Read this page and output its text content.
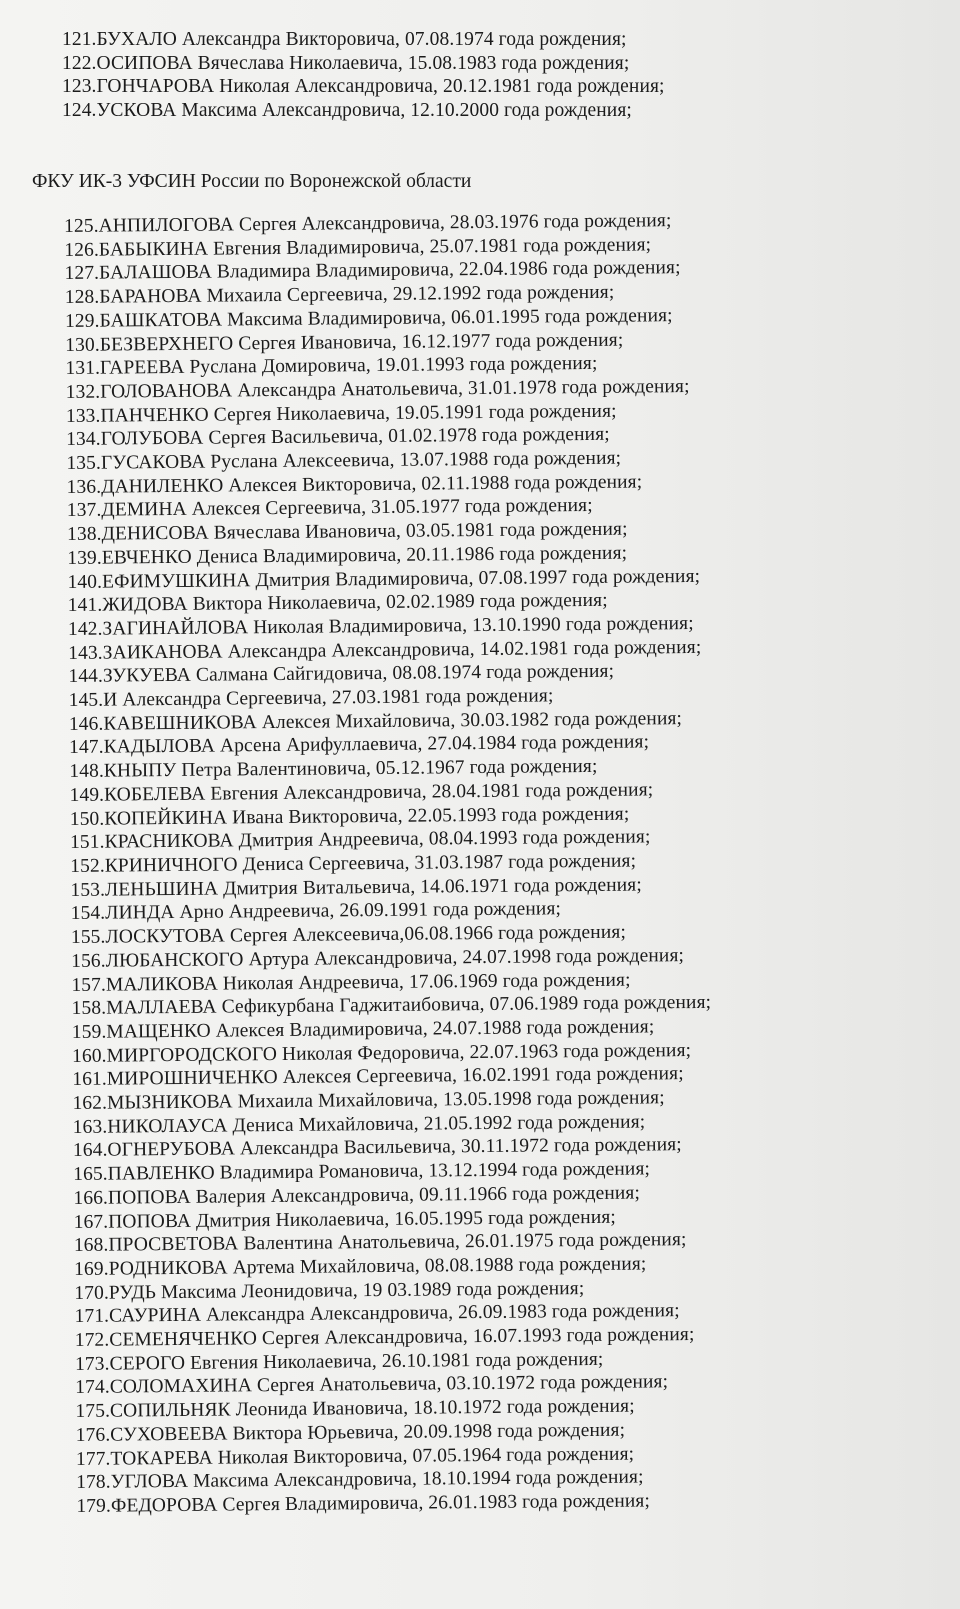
121.БУХАЛО Александра Викторовича, 07.08.1974 года рождения;
122.ОСИПОВА Вячеслава Николаевича, 15.08.1983 года рождения;
123.ГОНЧАРОВА Николая Александровича, 20.12.1981 года рождения;
124.УСКОВА Максима Александровича, 12.10.2000 года рождения;
ФКУ ИК-3 УФСИН России по Воронежской области
125.АНПИЛОГОВА Сергея Александровича, 28.03.1976 года рождения;
126.БАБЫКИНА Евгения Владимировича, 25.07.1981 года рождения;
127.БАЛАШОВА Владимира Владимировича, 22.04.1986 года рождения;
128.БАРАНОВА Михаила Сергеевича, 29.12.1992 года рождения;
129.БАШКАТОВА Максима Владимировича, 06.01.1995 года рождения;
130.БЕЗВЕРХНЕГО Сергея Ивановича, 16.12.1977 года рождения;
131.ГАРЕЕВА Руслана Домировича, 19.01.1993 года рождения;
132.ГОЛОВАНОВА Александра Анатольевича, 31.01.1978 года рождения;
133.ПАНЧЕНКО Сергея Николаевича, 19.05.1991 года рождения;
134.ГОЛУБОВА Сергея Васильевича, 01.02.1978 года рождения;
135.ГУСАКОВА Руслана Алексеевича, 13.07.1988 года рождения;
136.ДАНИЛЕНКО Алексея Викторовича, 02.11.1988 года рождения;
137.ДЕМИНА Алексея Сергеевича, 31.05.1977 года рождения;
138.ДЕНИСОВА Вячеслава Ивановича, 03.05.1981 года рождения;
139.ЕВЧЕНКО Дениса Владимировича, 20.11.1986 года рождения;
140.ЕФИМУШКИНА Дмитрия Владимировича, 07.08.1997 года рождения;
141.ЖИДОВА Виктора Николаевича, 02.02.1989 года рождения;
142.ЗАГИНАЙЛОВА Николая Владимировича, 13.10.1990 года рождения;
143.ЗАИКАНОВА Александра Александровича, 14.02.1981 года рождения;
144.ЗУКУЕВА Салмана Сайгидовича, 08.08.1974 года рождения;
145.И Александра Сергеевича, 27.03.1981 года рождения;
146.КАВЕШНИКОВА Алексея Михайловича, 30.03.1982 года рождения;
147.КАДЫЛОВА Арсена Арифуллаевича, 27.04.1984 года рождения;
148.КНЫПУ Петра Валентиновича, 05.12.1967 года рождения;
149.КОБЕЛЕВА Евгения Александровича, 28.04.1981 года рождения;
150.КОПЕЙКИНА Ивана Викторовича, 22.05.1993 года рождения;
151.КРАСНИКОВА Дмитрия Андреевича, 08.04.1993 года рождения;
152.КРИНИЧНОГО Дениса Сергеевича, 31.03.1987 года рождения;
153.ЛЕНЬШИНА Дмитрия Витальевича, 14.06.1971 года рождения;
154.ЛИНДА Арно Андреевича, 26.09.1991 года рождения;
155.ЛОСКУТОВА Сергея Алексеевича,06.08.1966 года рождения;
156.ЛЮБАНСКОГО Артура Александровича, 24.07.1998 года рождения;
157.МАЛИКОВА Николая Андреевича, 17.06.1969 года рождения;
158.МАЛЛАЕВА Сефикурбана Гаджитаибовича, 07.06.1989 года рождения;
159.МАЩЕНКО Алексея Владимировича, 24.07.1988 года рождения;
160.МИРГОРОДСКОГО Николая Федоровича, 22.07.1963 года рождения;
161.МИРОШНИЧЕНКО Алексея Сергеевича, 16.02.1991 года рождения;
162.МЫЗНИКОВА Михаила Михайловича, 13.05.1998 года рождения;
163.НИКОЛАУСА Дениса Михайловича, 21.05.1992 года рождения;
164.ОГНЕРУБОВА Александра Васильевича, 30.11.1972 года рождения;
165.ПАВЛЕНКО Владимира Романовича, 13.12.1994 года рождения;
166.ПОПОВА Валерия Александровича, 09.11.1966 года рождения;
167.ПОПОВА Дмитрия Николаевича, 16.05.1995 года рождения;
168.ПРОСВЕТОВА Валентина Анатольевича, 26.01.1975 года рождения;
169.РОДНИКОВА Артема Михайловича, 08.08.1988 года рождения;
170.РУДЬ Максима Леонидовича, 19 03.1989 года рождения;
171.САУРИНА Александра Александровича, 26.09.1983 года рождения;
172.СЕМЕНЯЧЕНКО Сергея Александровича, 16.07.1993 года рождения;
173.СЕРОГО Евгения Николаевича, 26.10.1981 года рождения;
174.СОЛОМАХИНА Сергея Анатольевича, 03.10.1972 года рождения;
175.СОПИЛЬНЯК Леонида Ивановича, 18.10.1972 года рождения;
176.СУХОВЕЕВА Виктора Юрьевича, 20.09.1998 года рождения;
177.ТОКАРЕВА Николая Викторовича, 07.05.1964 года рождения;
178.УГЛОВА Максима Александровича, 18.10.1994 года рождения;
179.ФЕДОРОВА Сергея Владимировича, 26.01.1983 года рождения;
